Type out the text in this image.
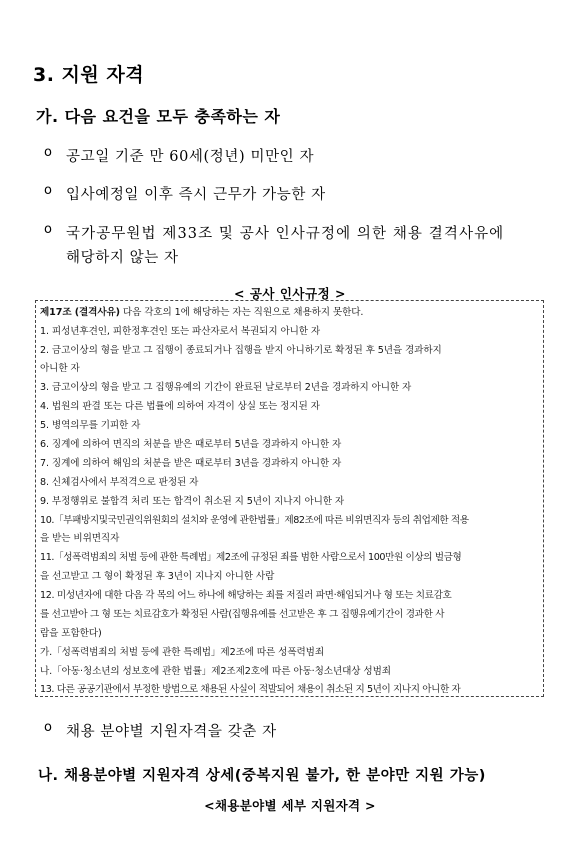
3. 지원 자격
가. 다음 요건을 모두 충족하는 자
ο 공고일 기준 만 60세(정년) 미만인 자
ο 입사예정일 이후 즉시 근무가 가능한 자
ο 국가공무원법 제33조 및 공사 인사규정에 의한 채용 결격사유에
해당하지 않는 자
< 공사 인사규정 >
제17조 (결격사유) 다음 각호의 1에 해당하는 자는 직원으로 채용하지 못한다.
1. 피성년후견인, 피한정후견인 또는 파산자로서 복권되지 아니한 자
2. 금고이상의 형을 받고 그 집행이 종료되거나 집행을 받지 아니하기로 확정된 후 5년을 경과하지
아니한 자
3. 금고이상의 형을 받고 그 집행유예의 기간이 완료된 날로부터 2년을 경과하지 아니한 자
4. 법원의 판결 또는 다른 법률에 의하여 자격이 상실 또는 정지된 자
5. 병역의무를 기피한 자
6. 징계에 의하여 면직의 처분을 받은 때로부터 5년을 경과하지 아니한 자
7. 징계에 의하여 해임의 처분을 받은 때로부터 3년을 경과하지 아니한 자
8. 신체검사에서 부적격으로 판정된 자
9. 부정행위로 불합격 처리 또는 합격이 취소된 지 5년이 지나지 아니한 자
10.「부패방지및국민권익위원회의 설치와 운영에 관한법률」제82조에 따른 비위면직자 등의 취업제한 적용
을 받는 비위면직자
11.「성폭력범죄의 처벌 등에 관한 특례법」제2조에 규정된 죄를 범한 사람으로서 100만원 이상의 벌금형
을 선고받고 그 형이 확정된 후 3년이 지나지 아니한 사람
12. 미성년자에 대한 다음 각 목의 어느 하나에 해당하는 죄를 저질러 파면·해임되거나 형 또는 치료감호
를 선고받아 그 형 또는 치료감호가 확정된 사람(집행유예를 선고받은 후 그 집행유예기간이 경과한 사
람을 포함한다)
가.「성폭력범죄의 처벌 등에 관한 특례법」제2조에 따른 성폭력범죄
나.「아동·청소년의 성보호에 관한 법률」제2조제2호에 따른 아동·청소년대상 성범죄
13. 다른 공공기관에서 부정한 방법으로 채용된 사실이 적발되어 채용이 취소된 지 5년이 지나지 아니한 자
ο 채용 분야별 지원자격을 갖춘 자
나. 채용분야별 지원자격 상세(중복지원 불가, 한 분야만 지원 가능)
<채용분야별 세부 지원자격 >
